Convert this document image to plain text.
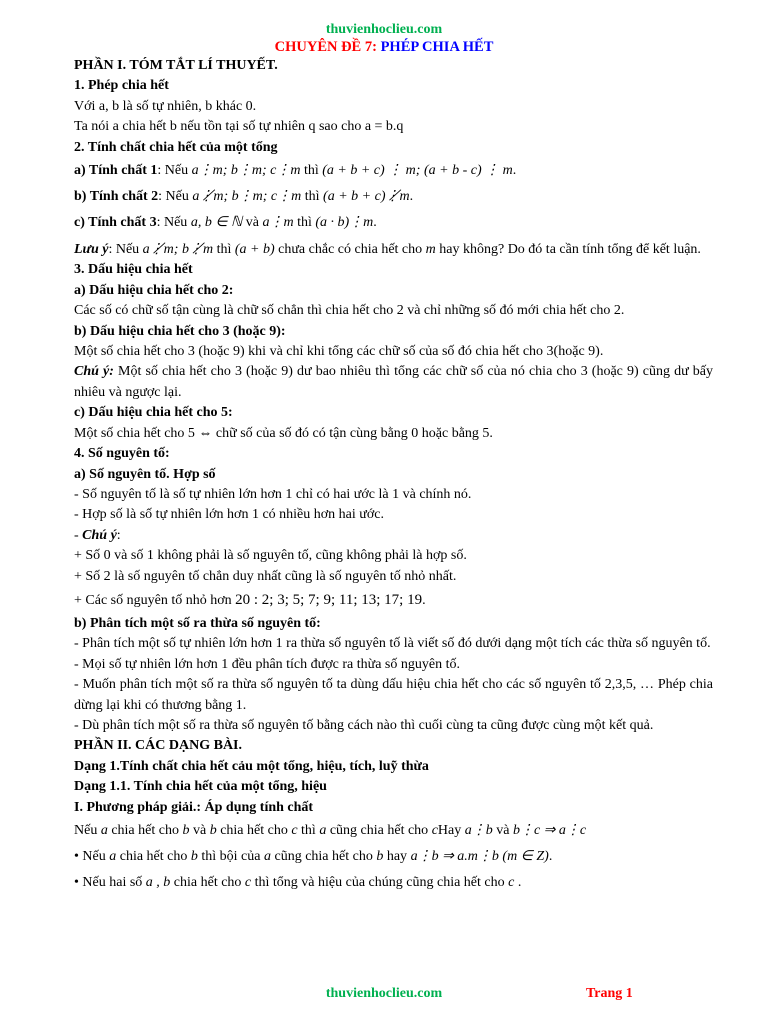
thuvienhoclieu.com
CHUYÊN ĐỀ 7: PHÉP CHIA HẾT
PHẦN I. TÓM TẮT LÍ THUYẾT.
1. Phép chia hết
Với a, b là số tự nhiên, b khác 0.
Ta nói a chia hết b nếu tồn tại số tự nhiên q sao cho a = b.q
2. Tính chất chia hết của một tổng
a) Tính chất 1: Nếu a⋮m; b⋮m; c⋮m thì (a + b + c) ⋮ m; (a + b - c) ⋮ m.
b) Tính chất 2: Nếu a⋮̸m; b⋮m; c⋮m thì (a + b + c)⋮̸m.
c) Tính chất 3: Nếu a, b ∈ ℕ và a⋮m thì (a · b)⋮m.
Lưu ý: Nếu a⋮̸m; b⋮̸m thì (a + b) chưa chắc có chia hết cho m hay không? Do đó ta cần tính tổng để kết luận.
3. Dấu hiệu chia hết
a) Dấu hiệu chia hết cho 2:
Các số có chữ số tận cùng là chữ số chẳn thì chia hết cho 2 và chỉ những số đó mới chia hết cho 2.
b) Dấu hiệu chia hết cho 3 (hoặc 9):
Một số chia hết cho 3 (hoặc 9) khi và chỉ khi tổng các chữ số của số đó chia hết cho 3(hoặc 9).
Chú ý: Một số chia hết cho 3 (hoặc 9) dư bao nhiêu thì tổng các chữ số của nó chia cho 3 (hoặc 9) cũng dư bấy nhiêu và ngược lại.
c) Dấu hiệu chia hết cho 5:
Một số chia hết cho 5 ⇔ chữ số của số đó có tận cùng bằng 0 hoặc bằng 5.
4. Số nguyên tố:
a) Số nguyên tố. Hợp số
- Số nguyên tố là số tự nhiên lớn hơn 1 chỉ có hai ước là 1 và chính nó.
- Hợp số là số tự nhiên lớn hơn 1 có nhiều hơn hai ước.
- Chú ý:
+ Số 0 và số 1 không phải là số nguyên tố, cũng không phải là hợp số.
+ Số 2 là số nguyên tố chẳn duy nhất cũng là số nguyên tố nhỏ nhất.
+ Các số nguyên tố nhỏ hơn 20 : 2; 3; 5; 7; 9; 11; 13; 17; 19.
b) Phân tích một số ra thừa số nguyên tố:
- Phân tích một số tự nhiên lớn hơn 1 ra thừa số nguyên tố là viết số đó dưới dạng một tích các thừa số nguyên tố.
- Mọi số tự nhiên lớn hơn 1 đều phân tích được ra thừa số nguyên tố.
- Muốn phân tích một số ra thừa số nguyên tố ta dùng dấu hiệu chia hết cho các số nguyên tố 2,3,5, … Phép chia dừng lại khi có thương bằng 1.
- Dù phân tích một số ra thừa số nguyên tố bằng cách nào thì cuối cùng ta cũng được cùng một kết quả.
PHẦN II. CÁC DẠNG BÀI.
Dạng 1.Tính chất chia hết cảu một tổng, hiệu, tích, luỹ thừa
Dạng 1.1. Tính chia hết của một tổng, hiệu
I. Phương pháp giải.: Áp dụng tính chất
Nếu a chia hết cho b và b chia hết cho c thì a cũng chia hết cho cHay a⋮b và b⋮c ⇒ a⋮c
• Nếu a chia hết cho b thì bội của a cũng chia hết cho b hay a⋮b ⇒ a.m⋮b (m ∈ Z).
• Nếu hai số a , b chia hết cho c thì tổng và hiệu của chúng cũng chia hết cho c .
thuvienhoclieu.com	Trang 1
